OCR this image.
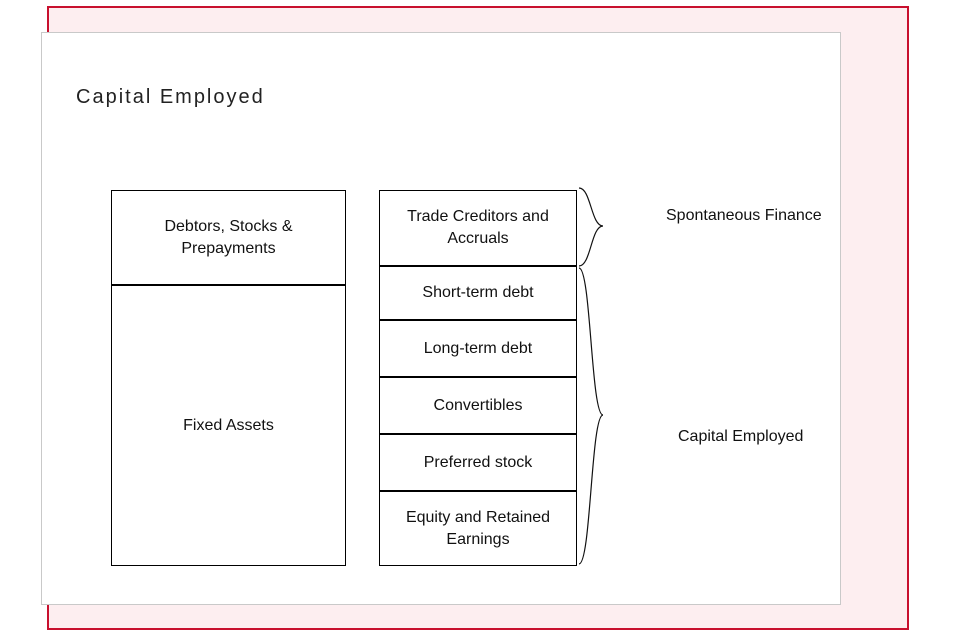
Capital Employed
Debtors, Stocks & Prepayments
Fixed Assets
Trade Creditors and Accruals
Short-term debt
Long-term debt
Convertibles
Preferred stock
Equity and Retained Earnings
Spontaneous Finance
Capital Employed
